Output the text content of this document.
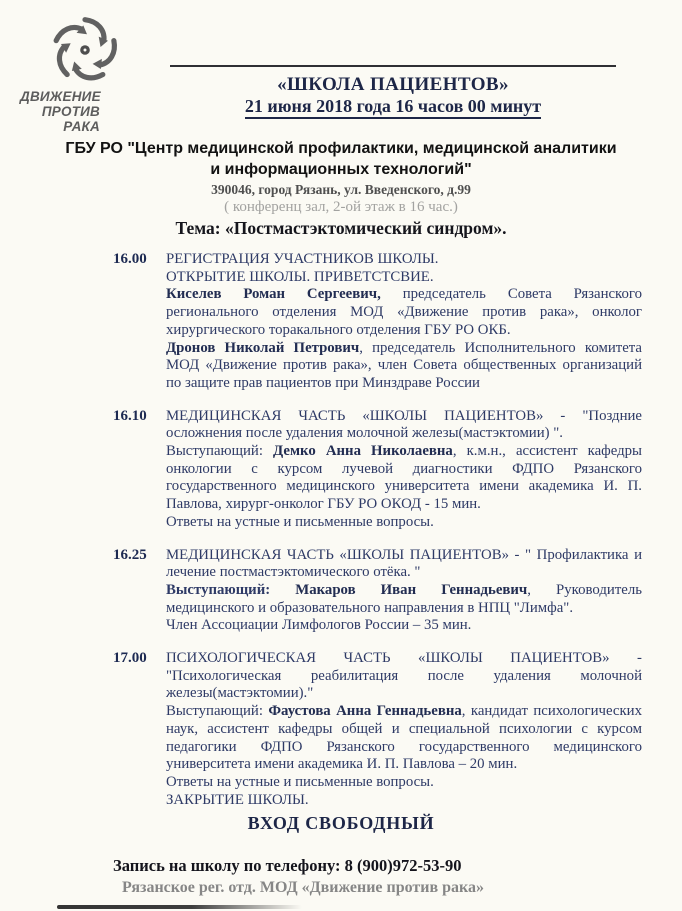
ДВИЖЕНИЕ
ПРОТИВ
РАКА
«ШКОЛА ПАЦИЕНТОВ»
21 июня 2018 года 16 часов 00 минут
ГБУ РО "Центр медицинской профилактики, медицинской аналитики
и информационных технологий"
390046, город Рязань, ул. Введенского, д.99
( конференц зал, 2-ой этаж в 16 час.)
Тема: «Постмастэктомический синдром».
16.00	РЕГИСТРАЦИЯ УЧАСТНИКОВ ШКОЛЫ.

ОТКРЫТИЕ ШКОЛЫ. ПРИВЕТСТСВИЕ.

Киселев Роман Сергеевич, председатель Совета Рязанского регионального отделения МОД «Движение против рака», онколог хирургического торакального отделения ГБУ РО ОКБ.

Дронов Николай Петрович, председатель Исполнительного комитета МОД «Движение против рака», член Совета общественных организаций по защите прав пациентов при Минздраве России

16.10	МЕДИЦИНСКАЯ ЧАСТЬ «ШКОЛЫ ПАЦИЕНТОВ» - "Поздние осложнения после удаления молочной железы(мастэктомии) ".

Выступающий: Демко Анна Николаевна, к.м.н., ассистент кафедры онкологии с курсом лучевой диагностики ФДПО Рязанского государственного медицинского университета имени академика И. П. Павлова, хирург-онколог ГБУ РО ОКОД - 15 мин.

Ответы на устные и письменные вопросы.

16.25	МЕДИЦИНСКАЯ ЧАСТЬ «ШКОЛЫ ПАЦИЕНТОВ» - " Профилактика и лечение постмастэктомического отёка. "

Выступающий: Макаров Иван Геннадьевич, Руководитель медицинского и образовательного направления в НПЦ "Лимфа".

Член Ассоциации Лимфологов России – 35 мин.

17.00	ПСИХОЛОГИЧЕСКАЯ ЧАСТЬ «ШКОЛЫ ПАЦИЕНТОВ» - "Психологическая реабилитация после удаления молочной железы(мастэктомии)."

Выступающий: Фаустова Анна Геннадьевна, кандидат психологических наук, ассистент кафедры общей и специальной психологии с курсом педагогики ФДПО Рязанского государственного медицинского университета имени академика И. П. Павлова – 20 мин.

Ответы на устные и письменные вопросы.

ЗАКРЫТИЕ ШКОЛЫ.

ВХОД СВОБОДНЫЙ
Запись на школу по телефону: 8 (900)972-53-90
Рязанское рег. отд. МОД «Движение против рака»
